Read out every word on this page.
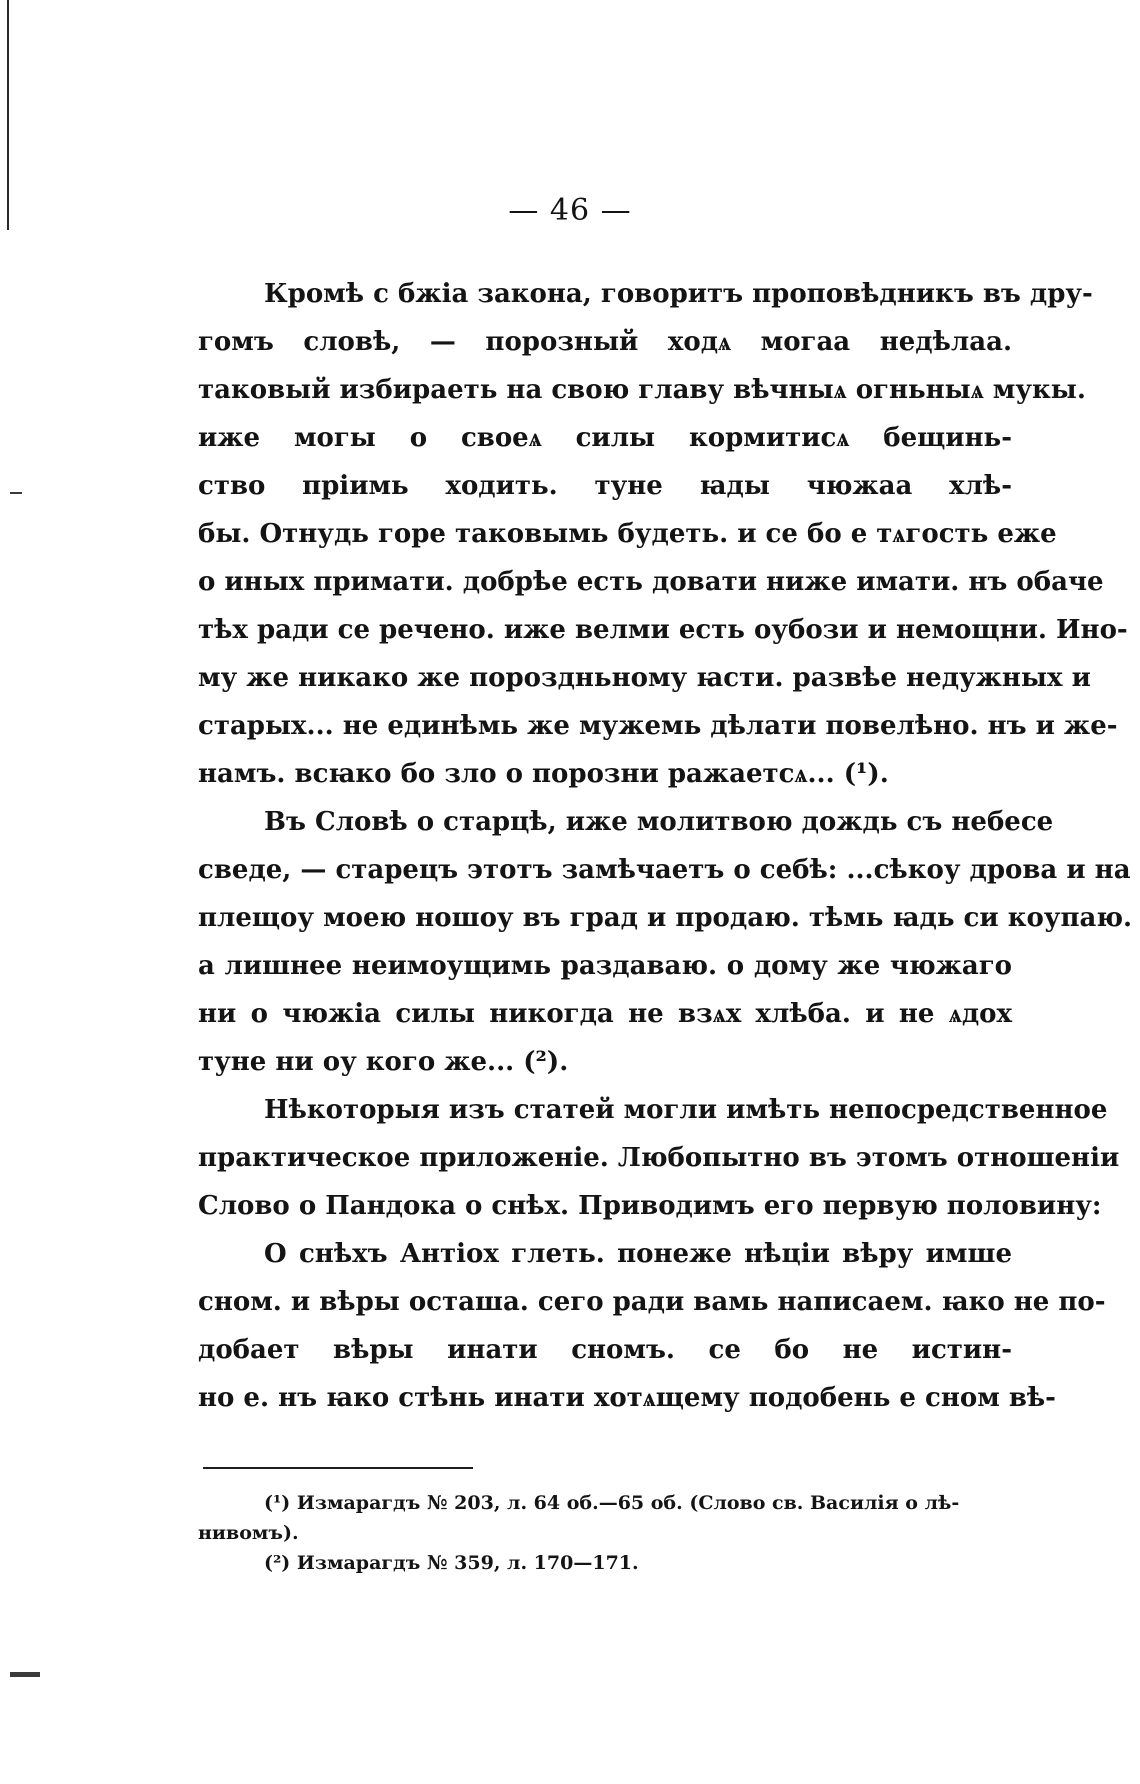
— 46 —
Кромѣ с бжіа закона, говоритъ проповѣдникъ въ дру-
гомъ словѣ, — порозный ходѧ могаа недѣлаа.
таковый избираеть на свою главу вѣчныѧ огньныѧ мукы.
иже могы о своеѧ силы кормитисѧ бещинь-
ство пріимь ходить. туне ꙗды чюжаа хлѣ-
бы. Отнудь горе таковымь будеть. и се бо е тѧгость еже
о иных примати. добрѣе есть довати ниже имати. нъ обаче
тѣх ради се речено. иже велми есть оубози и немощни. Ино-
му же никако же пороздньному ꙗсти. развѣе недужных и
старых... не единѣмь же мужемь дѣлати повелѣно. нъ и же-
намъ. всꙗко бо зло о порозни ражаетсѧ... (¹).
Въ Словѣ о старцѣ, иже молитвою дождь съ небесе
сведе, — старецъ этотъ замѣчаетъ о себѣ: ...сѣкоу дрова и на
плещоу моею ношоу въ град и продаю. тѣмь ꙗдь си коупаю.
а лишнее неимоущимь раздаваю. о дому же чюжаго
ни о чюжіа силы никогда не взѧх хлѣба. и не ѧдох
туне ни оу кого же... (²).
Нѣкоторыя изъ статей могли имѣть непосредственное
практическое приложеніе. Любопытно въ этомъ отношеніи
Слово о Пандока о снѣх. Приводимъ его первую половину:
О снѣхъ Антіох глеть. понеже нѣціи вѣру имше
сном. и вѣры осташа. сего ради вамь написаем. ꙗко не по-
добает вѣры инати сномъ. се бо не истин-
но е. нъ ꙗко стѣнь инати хотѧщему подобень е сном вѣ-
(¹) Измарагдъ № 203, л. 64 об.—65 об. (Слово св. Василія о лѣ-
нивомъ).
(²) Измарагдъ № 359, л. 170—171.
